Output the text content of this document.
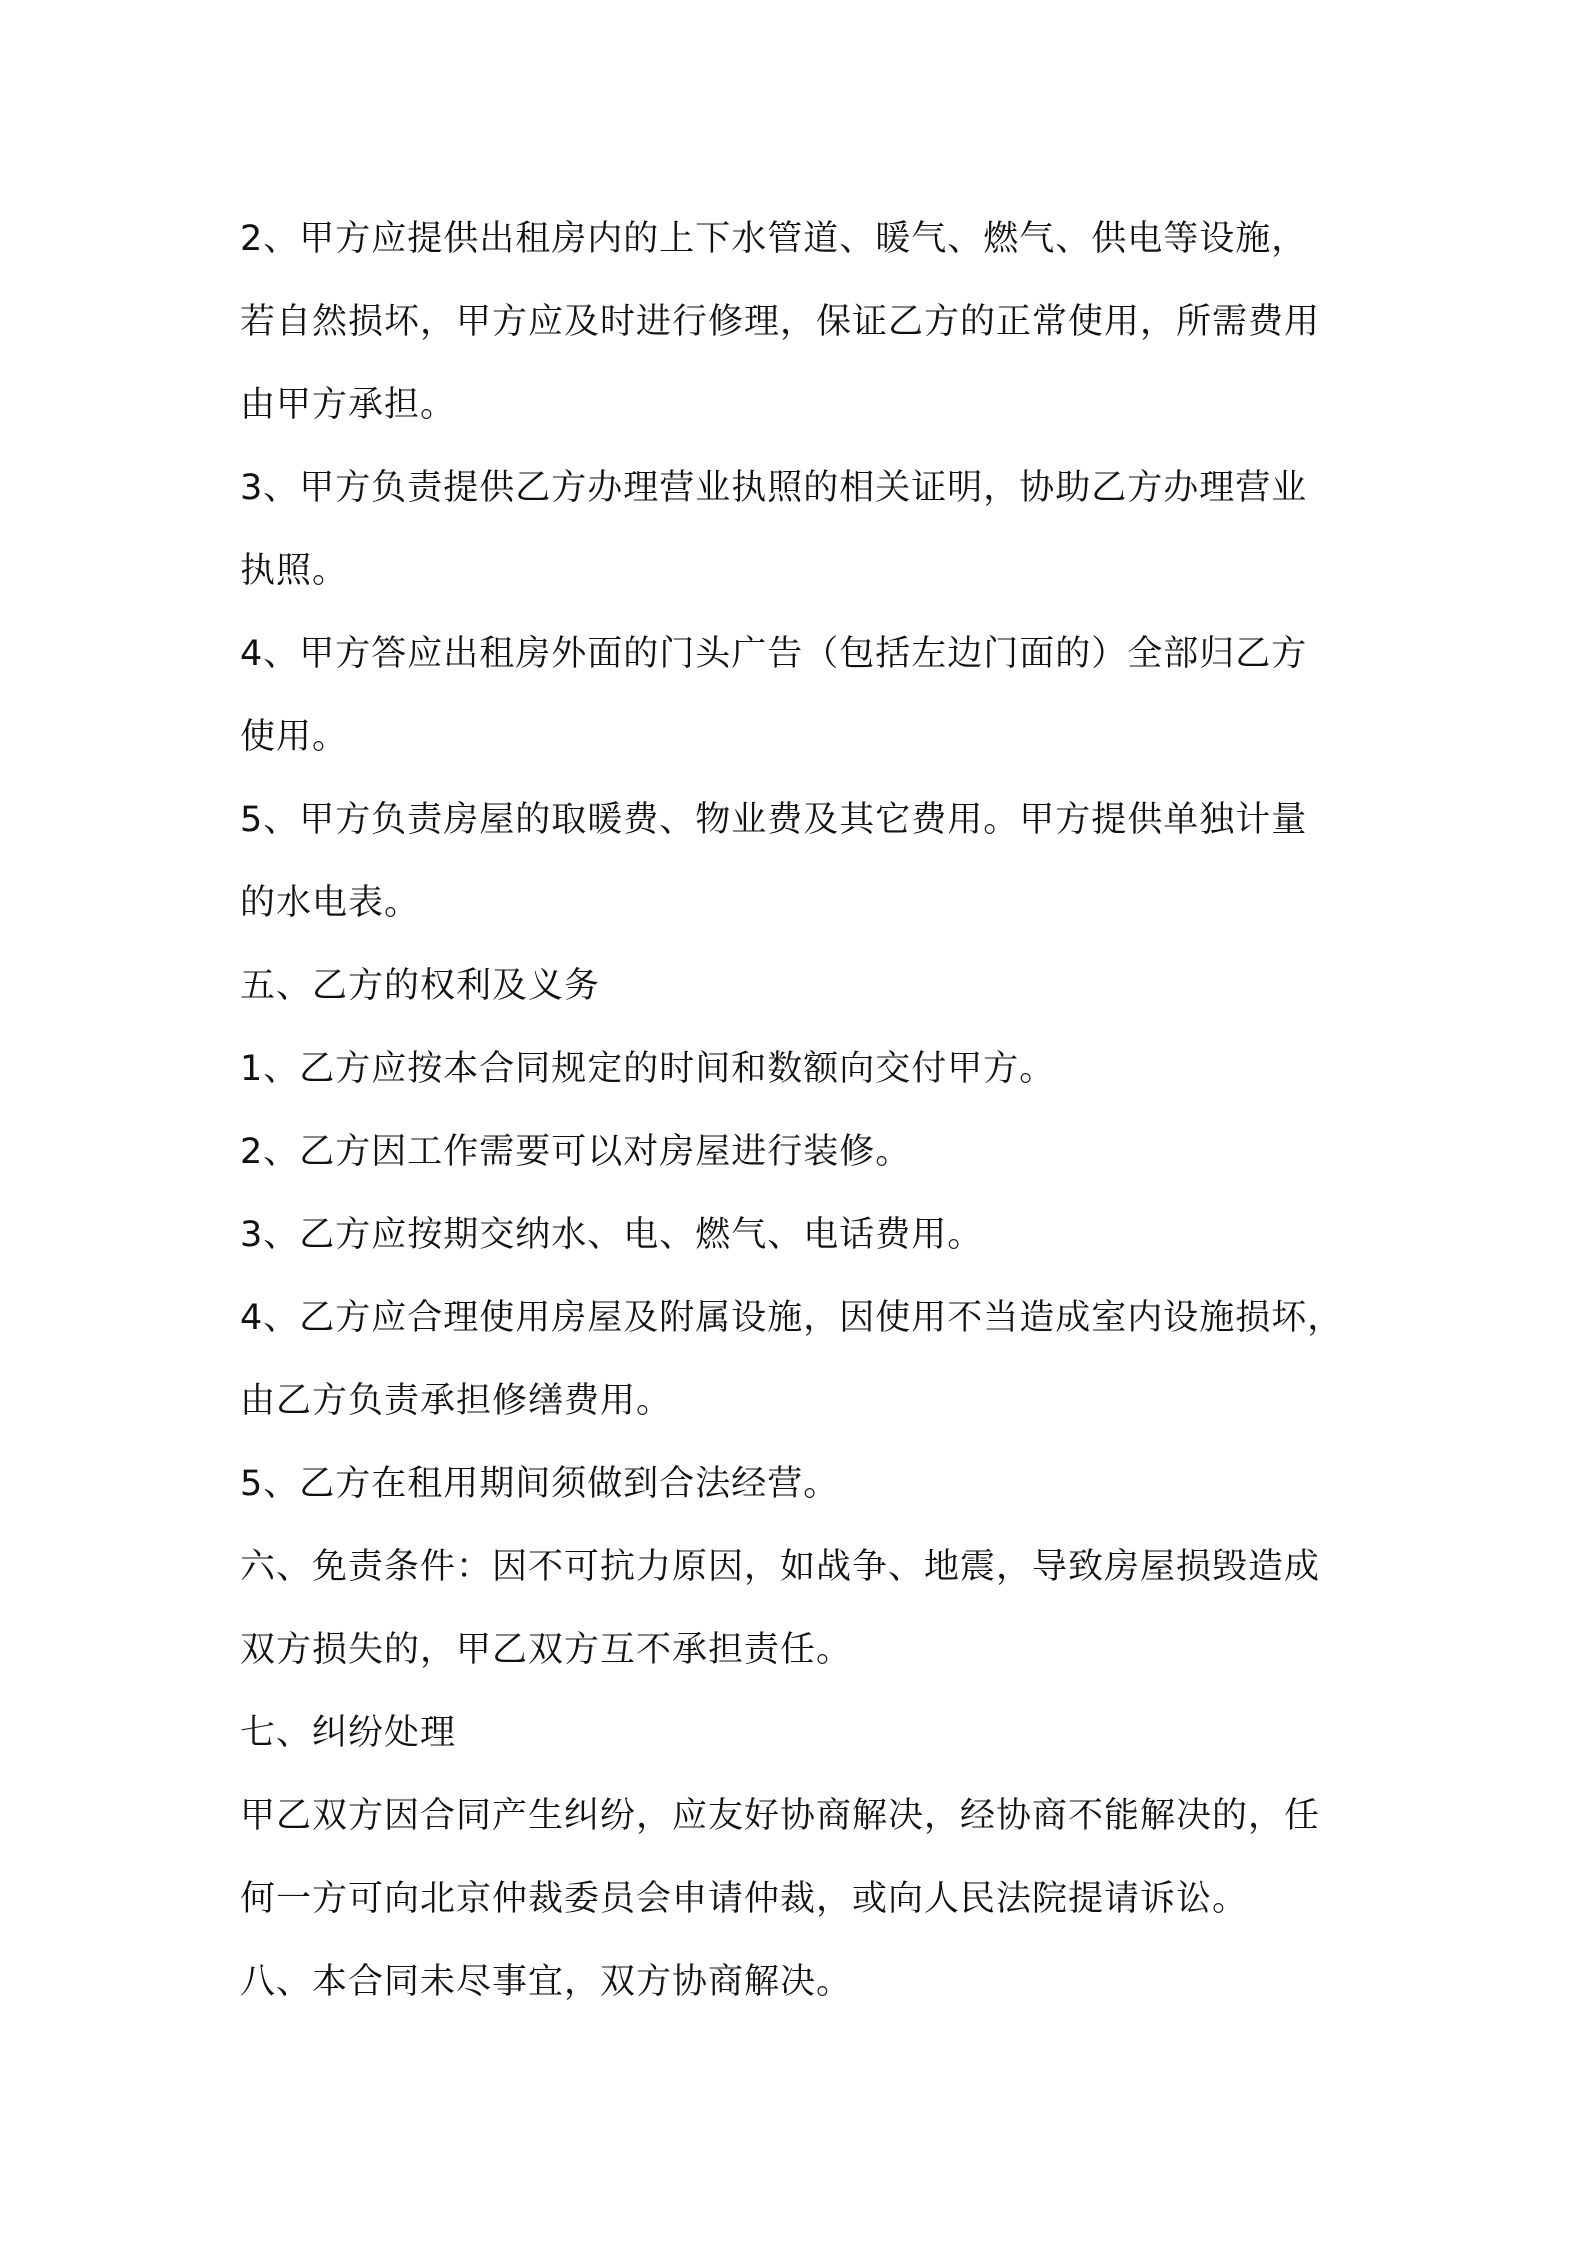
2、甲方应提供出租房内的上下水管道、暖气、燃气、供电等设施，
若自然损坏，甲方应及时进行修理，保证乙方的正常使用，所需费用
由甲方承担。
3、甲方负责提供乙方办理营业执照的相关证明，协助乙方办理营业
执照。
4、甲方答应出租房外面的门头广告（包括左边门面的）全部归乙方
使用。
5、甲方负责房屋的取暖费、物业费及其它费用。甲方提供单独计量
的水电表。
五、乙方的权利及义务
1、乙方应按本合同规定的时间和数额向交付甲方。
2、乙方因工作需要可以对房屋进行装修。
3、乙方应按期交纳水、电、燃气、电话费用。
4、乙方应合理使用房屋及附属设施，因使用不当造成室内设施损坏，
由乙方负责承担修缮费用。
5、乙方在租用期间须做到合法经营。
六、免责条件：因不可抗力原因，如战争、地震，导致房屋损毁造成
双方损失的，甲乙双方互不承担责任。
七、纠纷处理
甲乙双方因合同产生纠纷，应友好协商解决，经协商不能解决的，任
何一方可向北京仲裁委员会申请仲裁，或向人民法院提请诉讼。
八、本合同未尽事宜，双方协商解决。
